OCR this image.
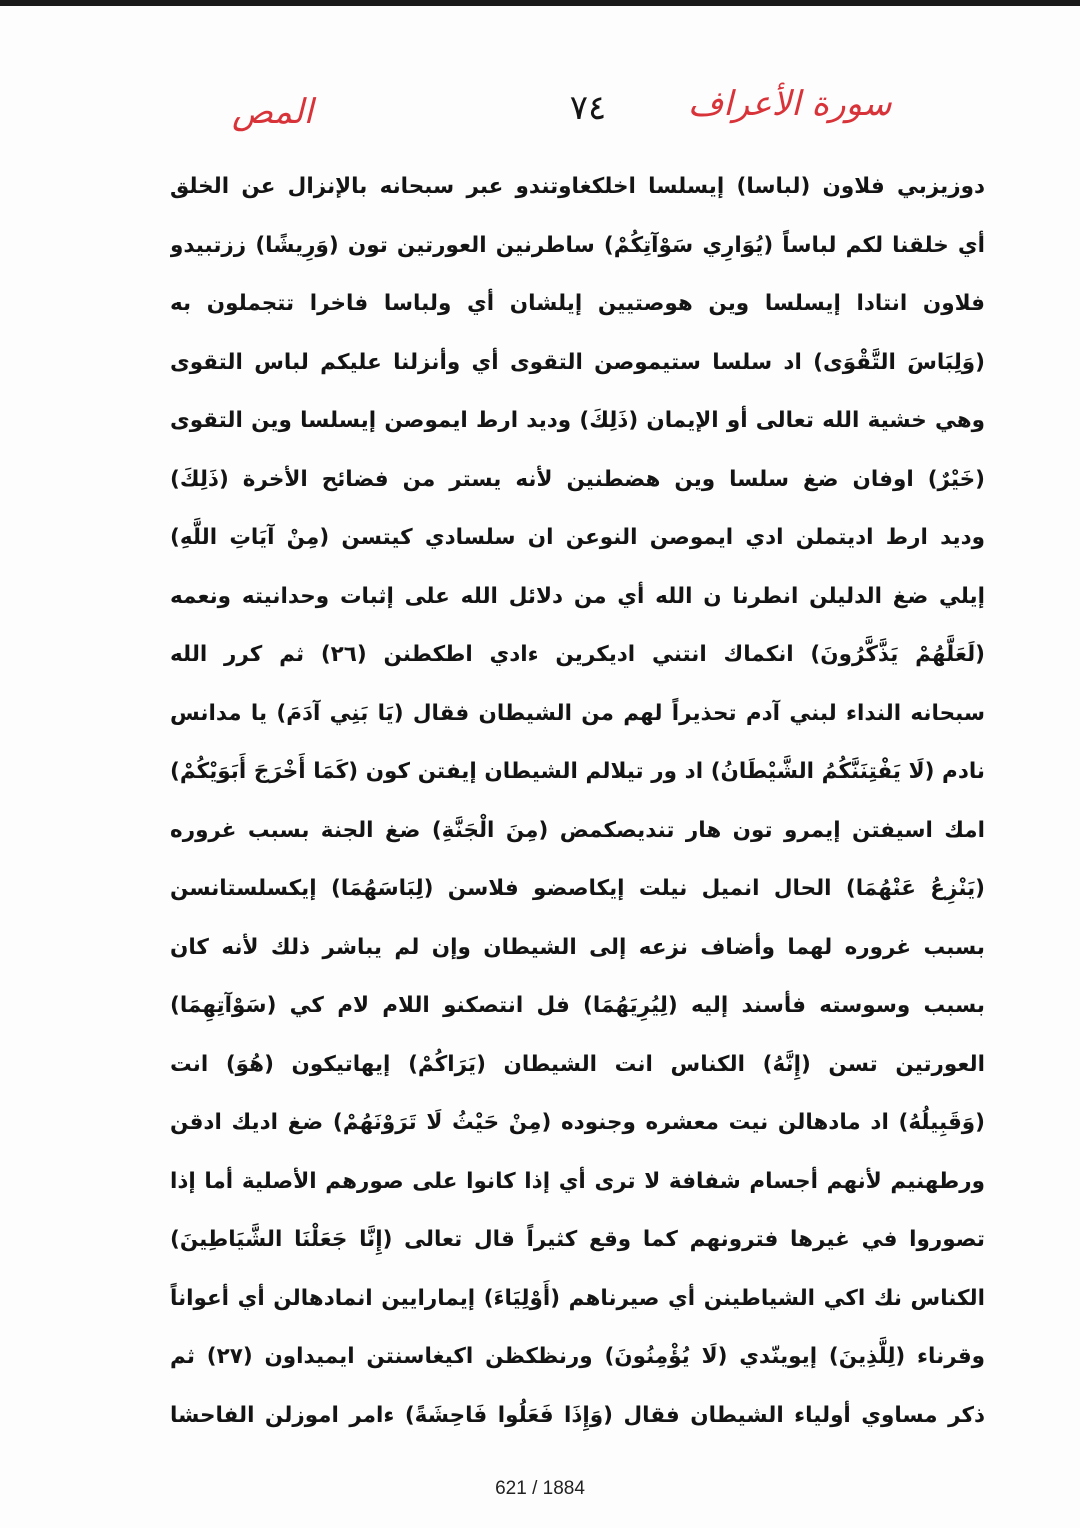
المص	٧٤	سورة الأعراف
دوزيزبي فلاون (لباسا) إيسلسا اخلكغاوتندو عبر سبحانه بالإنزال عن الخلق
أي خلقنا لكم لباساً (يُوَارِي سَوْآتِكُمْ) ساطرنين العورتين تون (وَرِيشًا) ززتبيدو
فلاون انتادا إيسلسا وين هوصتيين إيلشان أي ولباسا فاخرا تتجملون به
(وَلِبَاسَ التَّقْوَى) اد سلسا ستيموصن التقوى أي وأنزلنا عليكم لباس التقوى
وهي خشية الله تعالى أو الإيمان (ذَلِكَ) وديد ارط ايموصن إيسلسا وين التقوى
(خَيْرٌ) اوفان ضغ سلسا وين هضطنين لأنه يستر من فضائح الأخرة (ذَلِكَ)
وديد ارط اديتملن ادي ايموصن النوعن ان سلسادي كيتسن (مِنْ آيَاتِ اللَّهِ)
إيلي ضغ الدليلن انطرنا ن الله أي من دلائل الله على إثبات وحدانيته ونعمه
(لَعَلَّهُمْ يَذَّكَّرُونَ) انكماك انتني اديكرين ءادي اطكطنن (٢٦) ثم كرر الله
سبحانه النداء لبني آدم تحذيراً لهم من الشيطان فقال (يَا بَنِي آدَمَ) يا مدانس
نادم (لَا يَفْتِنَنَّكُمُ الشَّيْطَانُ) اد ور تيلالم الشيطان إيفتن كون (كَمَا أَخْرَجَ أَبَوَيْكُمْ)
امك اسيفتن إيمرو تون هار تنديصكمض (مِنَ الْجَنَّةِ) ضغ الجنة بسبب غروره
(يَنْزِعُ عَنْهُمَا) الحال انميل نيلت إيكاصضو فلاسن (لِبَاسَهُمَا) إيكسلستانسن
بسبب غروره لهما وأضاف نزعه إلى الشيطان وإن لم يباشر ذلك لأنه كان
بسبب وسوسته فأسند إليه (لِيُرِيَهُمَا) فل انتصكنو اللام لام كي (سَوْآتِهِمَا)
العورتين تسن (إِنَّهُ) الكناس انت الشيطان (يَرَاكُمْ) إيهاتيكون (هُوَ) انت
(وَقَبِيلُهُ) اد مادهالن نيت معشره وجنوده (مِنْ حَيْثُ لَا تَرَوْنَهُمْ) ضغ اديك ادقن
ورطهنيم لأنهم أجسام شفافة لا ترى أي إذا كانوا على صورهم الأصلية أما إذا
تصوروا في غيرها فترونهم كما وقع كثيراً قال تعالى (إِنَّا جَعَلْنَا الشَّيَاطِينَ)
الكناس نك اكي الشياطينن أي صيرناهم (أَوْلِيَاءَ) إيمارايين انمادهالن أي أعواناً
وقرناء (لِلَّذِينَ) إيوينّدي (لَا يُؤْمِنُونَ) ورنظكظن اكيغاسنتن ايميداون (٢٧) ثم
ذكر مساوي أولياء الشيطان فقال (وَإِذَا فَعَلُوا فَاحِشَةً) ءامر اموزلن الفاحشا
621 / 1884
